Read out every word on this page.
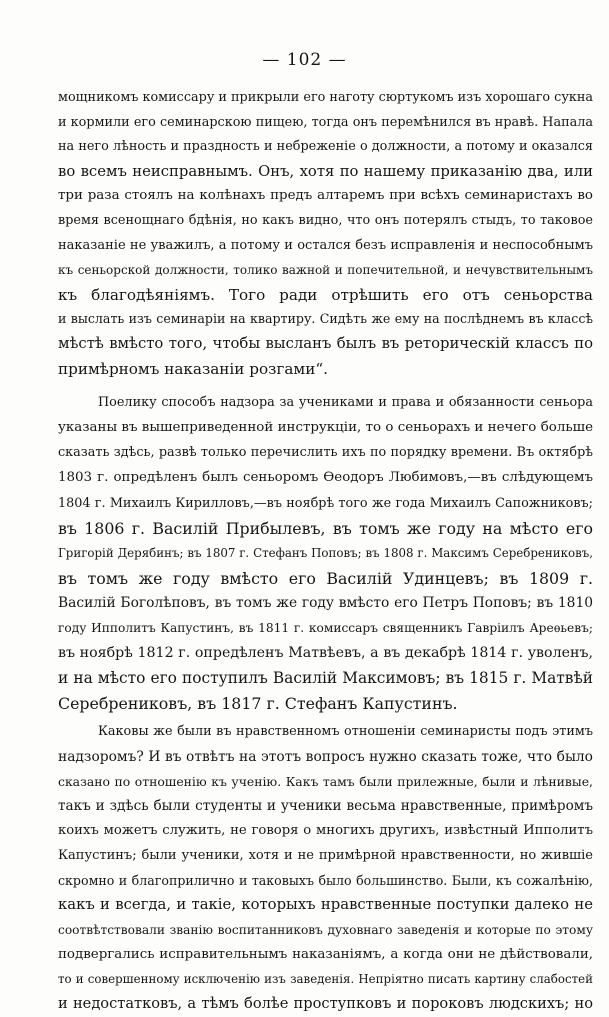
— 102 —
мощникомъ комиссару и прикрыли его наготу сюртукомъ изъ хорошаго сукна
и кормили его семинарскою пищею, тогда онъ перемѣнился въ нравѣ. Напала
на него лѣность и праздность и небреженіе о должности, а потому и оказался
во всемъ неисправнымъ. Онъ, хотя по нашему приказанію два, или
три раза стоялъ на колѣнахъ предъ алтаремъ при всѣхъ семинаристахъ во
время всенощнаго бдѣнія, но какъ видно, что онъ потерялъ стыдъ, то таковое
наказаніе не уважилъ, а потому и остался безъ исправленія и неспособнымъ
къ сеньорской должности, толико важной и попечительной, и нечувствительнымъ
къ благодѣяніямъ. Того ради отрѣшить его отъ сеньорства
и выслать изъ семинаріи на квартиру. Сидѣть же ему на послѣднемъ въ классѣ
мѣстѣ вмѣсто того, чтобы высланъ былъ въ реторическій классъ по
примѣрномъ наказаніи розгами“.
Поелику способъ надзора за учениками и права и обязанности сеньора
указаны въ вышеприведенной инструкціи, то о сеньорахъ и нечего больше
сказать здѣсь, развѣ только перечислить ихъ по порядку времени. Въ октябрѣ
1803 г. опредѣленъ былъ сеньоромъ Ѳеодоръ Любимовъ,—въ слѣдующемъ
1804 г. Михаилъ Кирилловъ,—въ ноябрѣ того же года Михаилъ Сапожниковъ;
въ 1806 г. Василій Прибылевъ, въ томъ же году на мѣсто его
Григорій Дерябинъ; въ 1807 г. Стефанъ Поповъ; въ 1808 г. Максимъ Серебрениковъ,
въ томъ же году вмѣсто его Василій Удинцевъ; въ 1809 г.
Василій Боголѣповъ, въ томъ же году вмѣсто его Петръ Поповъ; въ 1810
году Ипполитъ Капустинъ, въ 1811 г. комиссаръ священникъ Гавріилъ Ареѳьевъ;
въ ноябрѣ 1812 г. опредѣленъ Матвѣевъ, а въ декабрѣ 1814 г. уволенъ,
и на мѣсто его поступилъ Василій Максимовъ; въ 1815 г. Матвѣй
Серебрениковъ, въ 1817 г. Стефанъ Капустинъ.
Каковы же были въ нравственномъ отношеніи семинаристы подъ этимъ
надзоромъ? И въ отвѣтъ на этотъ вопросъ нужно сказать тоже, что было
сказано по отношенію къ ученію. Какъ тамъ были прилежные, были и лѣнивые,
такъ и здѣсь были студенты и ученики весьма нравственные, примѣромъ
коихъ можетъ служить, не говоря о многихъ другихъ, извѣстный Ипполитъ
Капустинъ; были ученики, хотя и не примѣрной нравственности, но жившіе
скромно и благоприлично и таковыхъ было большинство. Были, къ сожалѣнію,
какъ и всегда, и такіе, которыхъ нравственные поступки далеко не
соотвѣтствовали званію воспитанниковъ духовнаго заведенія и которые по этому
подвергались исправительнымъ наказаніямъ, а когда они не дѣйствовали,
то и совершенному исключенію изъ заведенія. Непріятно писать картину слабостей
и недостатковъ, а тѣмъ болѣе проступковъ и пороковъ людскихъ; но
